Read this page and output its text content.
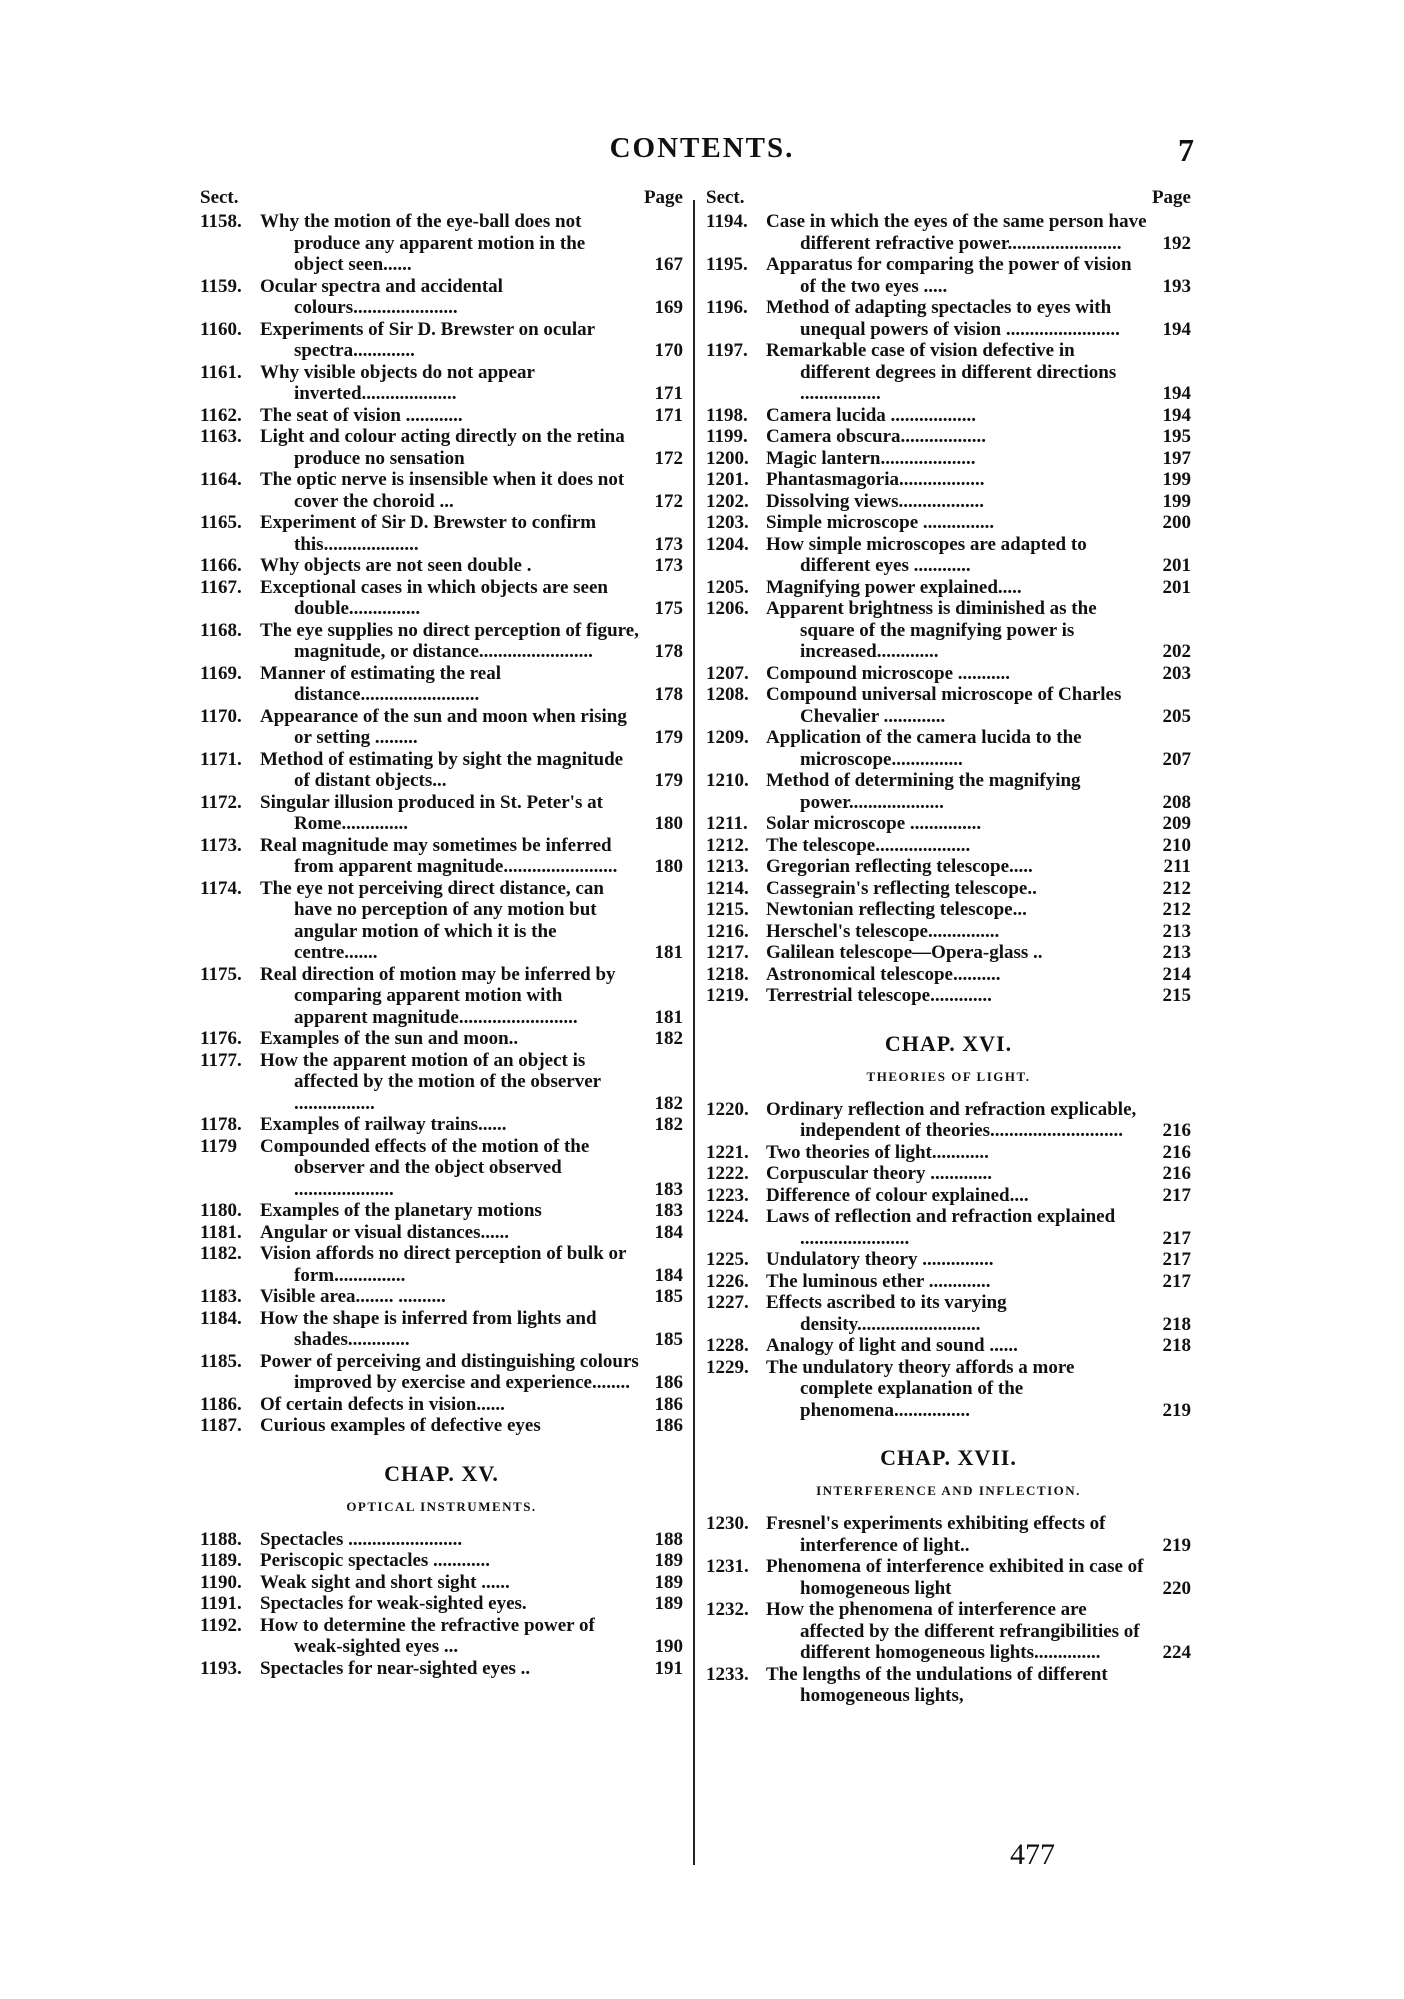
CONTENTS.	7
Sect.	Page
1158. Why the motion of the eye-ball does not produce any apparent motion in the object seen......	167
1159. Ocular spectra and accidental colours......................	169
1160. Experiments of Sir D. Brewster on ocular spectra.............	170
1161. Why visible objects do not appear inverted....................	171
1162. The seat of vision ............	171
1163. Light and colour acting directly on the retina produce no sensation	172
1164. The optic nerve is insensible when it does not cover the choroid ...	172
1165. Experiment of Sir D. Brewster to confirm this....................	173
1166. Why objects are not seen double .	173
1167. Exceptional cases in which objects are seen double...............	175
1168. The eye supplies no direct perception of figure, magnitude, or distance........................	178
1169. Manner of estimating the real distance.........................	178
1170. Appearance of the sun and moon when rising or setting .........	179
1171. Method of estimating by sight the magnitude of distant objects...	179
1172. Singular illusion produced in St. Peter's at Rome..............	180
1173. Real magnitude may sometimes be inferred from apparent magnitude........................	180
1174. The eye not perceiving direct distance, can have no perception of any motion but angular motion of which it is the centre.......	181
1175. Real direction of motion may be inferred by comparing apparent motion with apparent magnitude.........................	181
1176. Examples of the sun and moon..	182
1177. How the apparent motion of an object is affected by the motion of the observer .................	182
1178. Examples of railway trains......	182
1179	Compounded effects of the motion of the observer and the object observed .....................	183
1180. Examples of the planetary motions	183
1181. Angular or visual distances......	184
1182. Vision affords no direct perception of bulk or form...............	184
1183. Visible area........ ..........	185
1184. How the shape is inferred from lights and shades.............	185
1185. Power of perceiving and distinguishing colours improved by exercise and experience........	186
1186. Of certain defects in vision......	186
1187. Curious examples of defective eyes	186
CHAP. XV.
OPTICAL INSTRUMENTS.
1188. Spectacles ........................	188
1189. Periscopic spectacles ............	189
1190. Weak sight and short sight ......	189
1191. Spectacles for weak-sighted eyes.	189
1192. How to determine the refractive power of weak-sighted eyes ...	190
1193. Spectacles for near-sighted eyes ..	191
Sect.	Page
1194. Case in which the eyes of the same person have different refractive power........................	192
1195. Apparatus for comparing the power of vision of the two eyes .....	193
1196. Method of adapting spectacles to eyes with unequal powers of vision ........................	194
1197. Remarkable case of vision defective in different degrees in different directions .................	194
1198. Camera lucida ..................	194
1199. Camera obscura..................	195
1200. Magic lantern....................	197
1201. Phantasmagoria..................	199
1202. Dissolving views..................	199
1203. Simple microscope ...............	200
1204. How simple microscopes are adapted to different eyes ............	201
1205. Magnifying power explained.....	201
1206. Apparent brightness is diminished as the square of the magnifying power is increased.............	202
1207. Compound microscope ...........	203
1208. Compound universal microscope of Charles Chevalier .............	205
1209. Application of the camera lucida to the microscope...............	207
1210. Method of determining the magnifying power....................	208
1211. Solar microscope ...............	209
1212. The telescope....................	210
1213. Gregorian reflecting telescope.....	211
1214. Cassegrain's reflecting telescope..	212
1215. Newtonian reflecting telescope...	212
1216. Herschel's telescope...............	213
1217. Galilean telescope—Opera-glass ..	213
1218. Astronomical telescope..........	214
1219. Terrestrial telescope.............	215
CHAP. XVI.
THEORIES OF LIGHT.
1220. Ordinary reflection and refraction explicable, independent of theories............................	216
1221. Two theories of light............	216
1222. Corpuscular theory .............	216
1223. Difference of colour explained....	217
1224. Laws of reflection and refraction explained .......................	217
1225. Undulatory theory ...............	217
1226. The luminous ether .............	217
1227. Effects ascribed to its varying density..........................	218
1228. Analogy of light and sound ......	218
1229. The undulatory theory affords a more complete explanation of the phenomena................	219
CHAP. XVII.
INTERFERENCE AND INFLECTION.
1230. Fresnel's experiments exhibiting effects of interference of light..	219
1231. Phenomena of interference exhibited in case of homogeneous light	220
1232. How the phenomena of interference are affected by the different refrangibilities of different homogeneous lights..............	224
1233. The lengths of the undulations of different homogeneous lights,
477
